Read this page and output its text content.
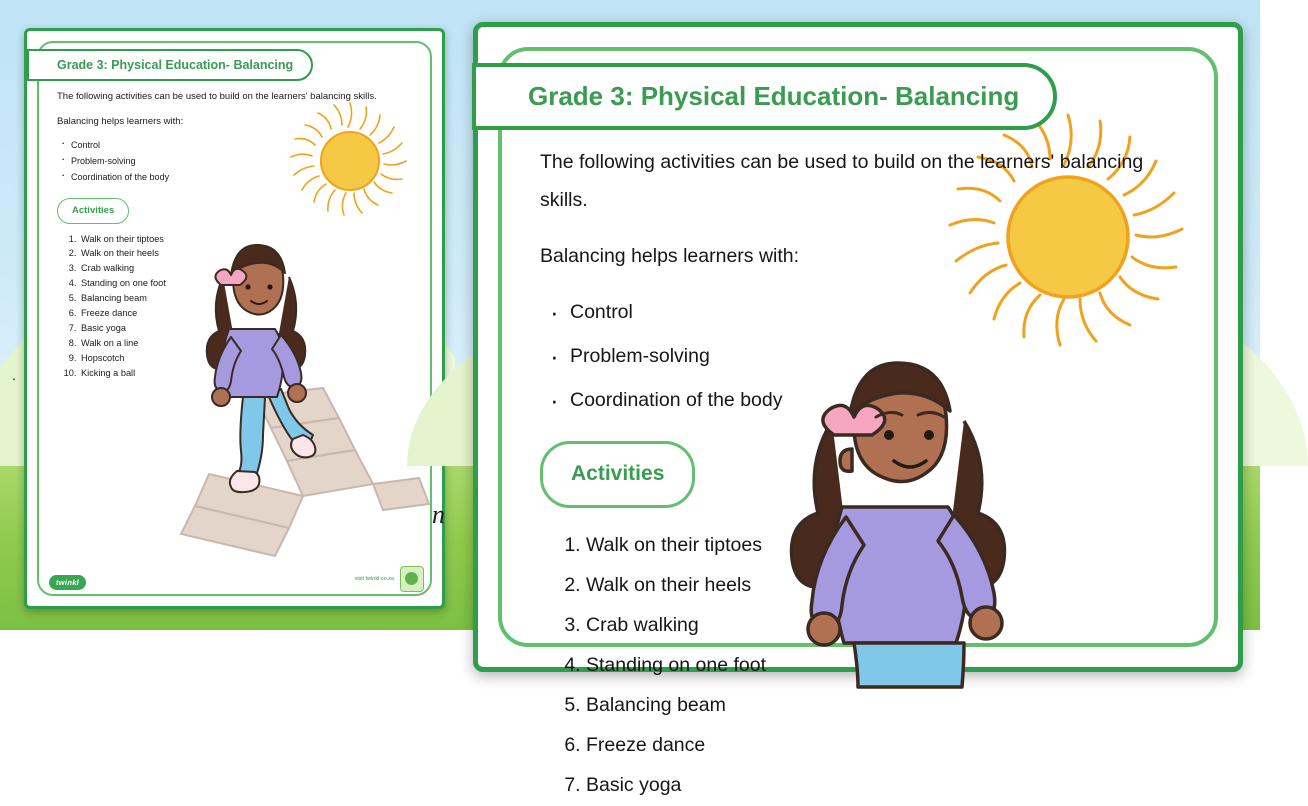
Grade 3: Physical Education- Balancing

The following activities can be used to build on the learners' balancing skills.

Balancing helps learners with:

· Control
· Problem-solving
· Coordination of the body
Activities
1. Walk on their tiptoes
2. Walk on their heels
3. Crab walking
4. Standing on one foot
5. Balancing beam
6. Freeze dance
7. Basic yoga
8. Walk on a line
9. Hopscotch
10. Kicking a ball
twinkl	visit twinkl.co.za
.
n
Grade 3: Physical Education- Balancing

The following activities can be used to build on the learners' balancing skills.

Balancing helps learners with:

· Control
· Problem-solving
· Coordination of the body
Activities
1. Walk on their tiptoes
2. Walk on their heels
3. Crab walking
4. Standing on one foot
5. Balancing beam
6. Freeze dance
7. Basic yoga
